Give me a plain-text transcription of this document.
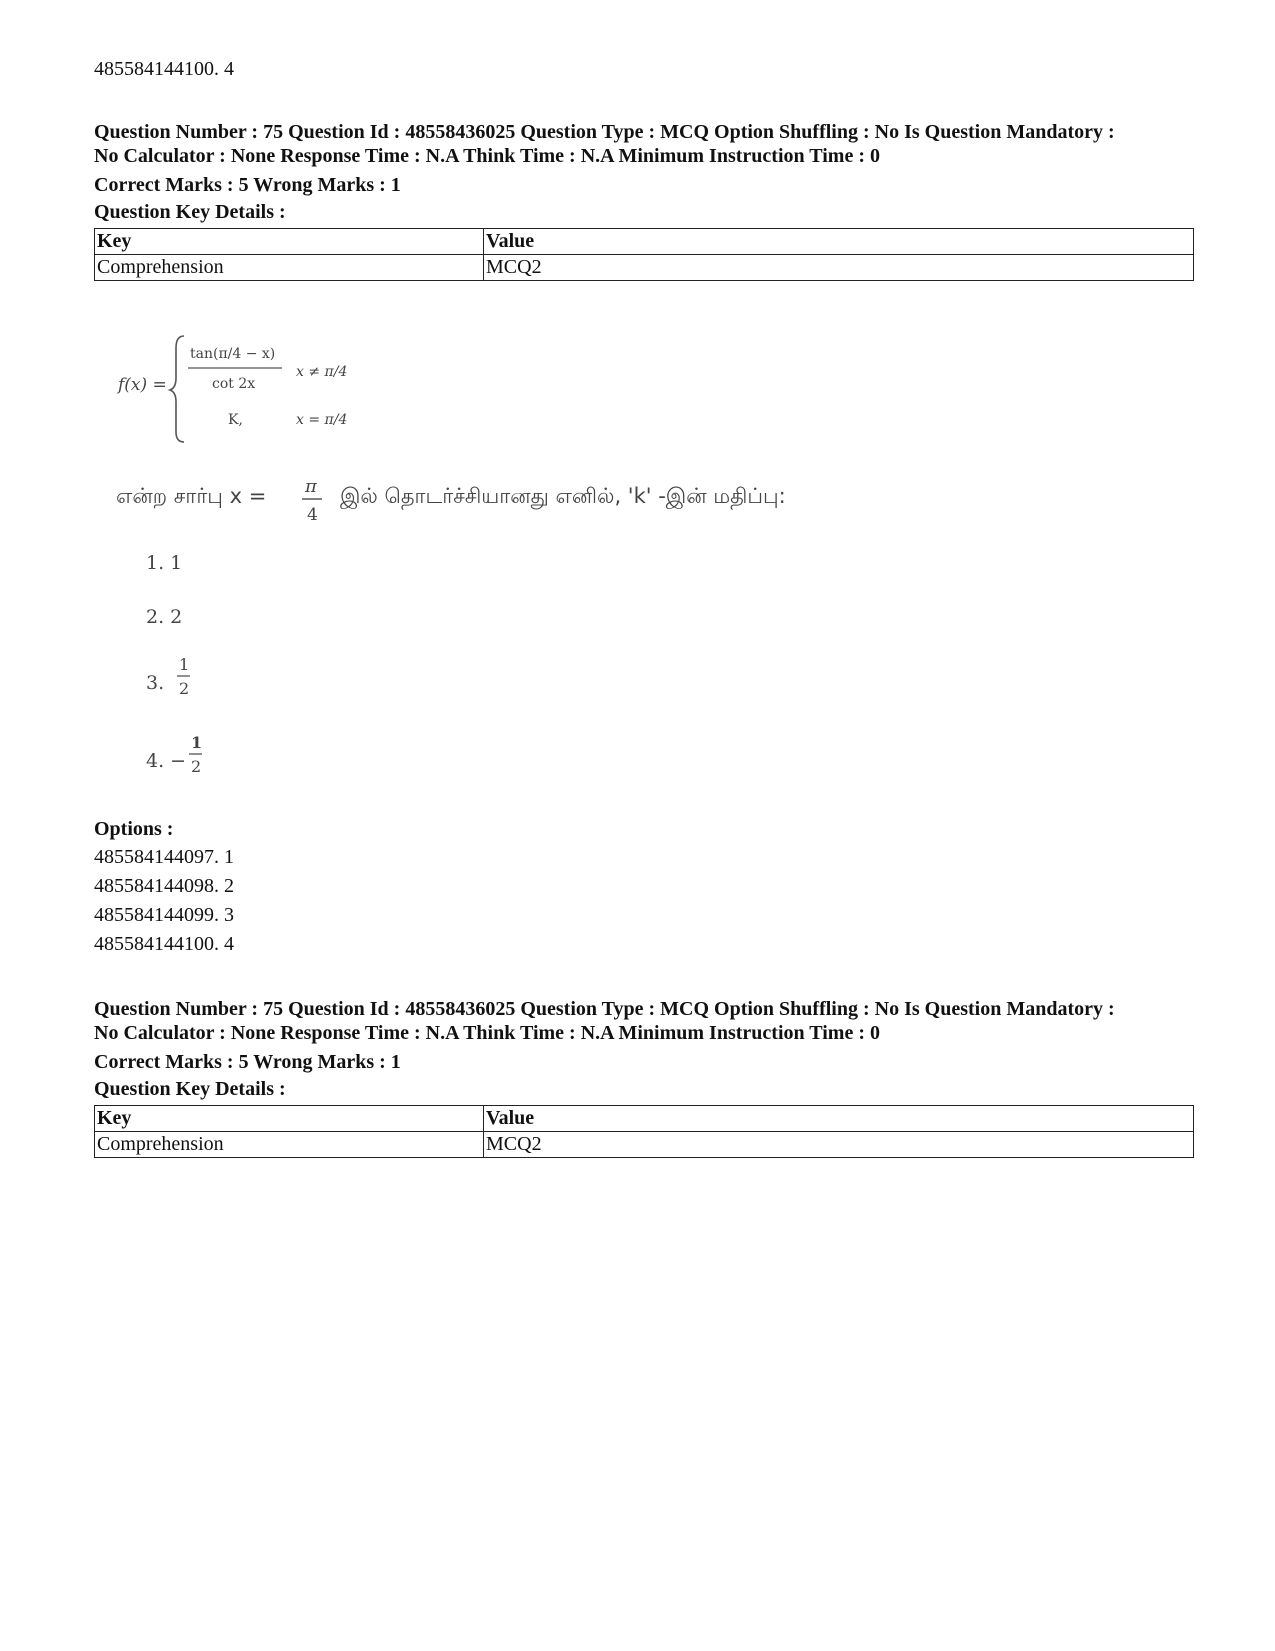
485584144100. 4

Question Number : 75 Question Id : 48558436025 Question Type : MCQ Option Shuffling : No Is Question Mandatory :

No Calculator : None Response Time : N.A Think Time : N.A Minimum Instruction Time : 0

Correct Marks : 5 Wrong Marks : 1
Question Key Details :
Key	Value
Comprehension	MCQ2
f(x) =
tan(π/4 − x)
cot 2x
x ≠ π/4
K,	x = π/4
என்ற சார்பு x = π
4
இல் தொடர்ச்சியானது எனில், 'k' -இன் மதிப்பு:
1. 1
2. 2
3.
1
2
4. −
1
2
Options :
485584144097. 1
485584144098. 2
485584144099. 3
485584144100. 4

Question Number : 75 Question Id : 48558436025 Question Type : MCQ Option Shuffling : No Is Question Mandatory :

No Calculator : None Response Time : N.A Think Time : N.A Minimum Instruction Time : 0

Correct Marks : 5 Wrong Marks : 1
Question Key Details :
Key	Value
Comprehension	MCQ2
